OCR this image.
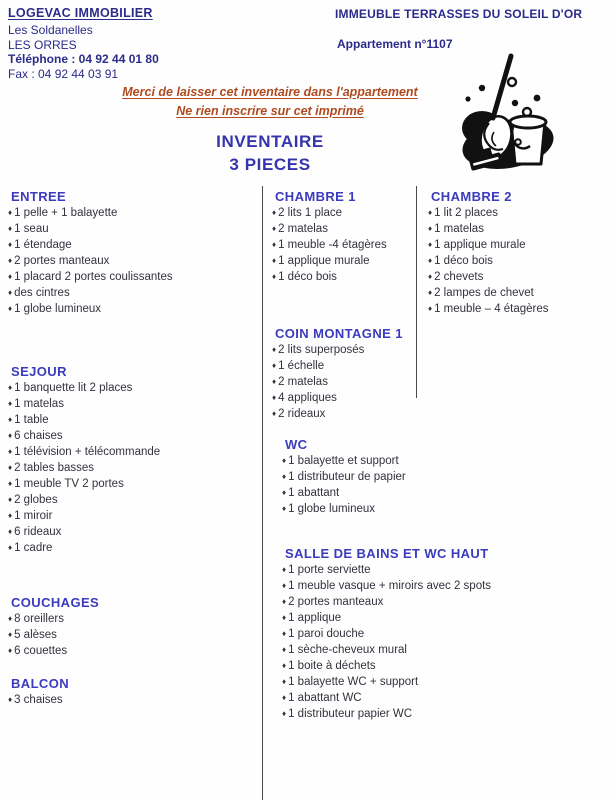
LOGEVAC IMMOBILIER
Les Soldanelles
LES ORRES
Téléphone : 04 92 44 01 80
Fax : 04 92 44 03 91
IMMEUBLE TERRASSES DU SOLEIL D'OR
Appartement n°1107
Merci de laisser cet inventaire dans l'appartement
Ne rien inscrire sur cet imprimé
INVENTAIRE
3 PIECES
ENTREE
♦ 1 pelle + 1 balayette
♦ 1 seau
♦ 1 étendage
♦ 2 portes manteaux
♦ 1 placard 2 portes coulissantes
♦ des cintres
♦ 1 globe lumineux
SEJOUR
♦ 1 banquette lit 2 places
♦ 1 matelas
♦ 1 table
♦ 6 chaises
♦ 1 télévision + télécommande
♦ 2 tables basses
♦ 1 meuble TV 2 portes
♦ 2 globes
♦ 1 miroir
♦ 6 rideaux
♦ 1 cadre
COUCHAGES
♦ 8 oreillers
♦ 5 alèses
♦ 6 couettes
BALCON
♦ 3 chaises
CHAMBRE 1
♦ 2 lits 1 place
♦ 2 matelas
♦ 1 meuble -4 étagères
♦ 1 applique murale
♦ 1 déco bois
COIN MONTAGNE 1
♦ 2 lits superposés
♦ 1 échelle
♦ 2 matelas
♦ 4 appliques
♦ 2 rideaux
WC
♦ 1 balayette et support
♦ 1 distributeur de papier
♦ 1 abattant
♦ 1 globe lumineux
SALLE DE BAINS ET WC HAUT
♦ 1 porte serviette
♦ 1 meuble vasque + miroirs avec 2 spots
♦ 2 portes manteaux
♦ 1 applique
♦ 1 paroi douche
♦ 1 sèche-cheveux mural
♦ 1 boite à déchets
♦ 1 balayette WC + support
♦ 1 abattant WC
♦ 1 distributeur papier WC
CHAMBRE 2
♦ 1 lit 2 places
♦ 1 matelas
♦ 1 applique murale
♦ 1 déco bois
♦ 2 chevets
♦ 2 lampes de chevet
♦ 1 meuble – 4 étagères
